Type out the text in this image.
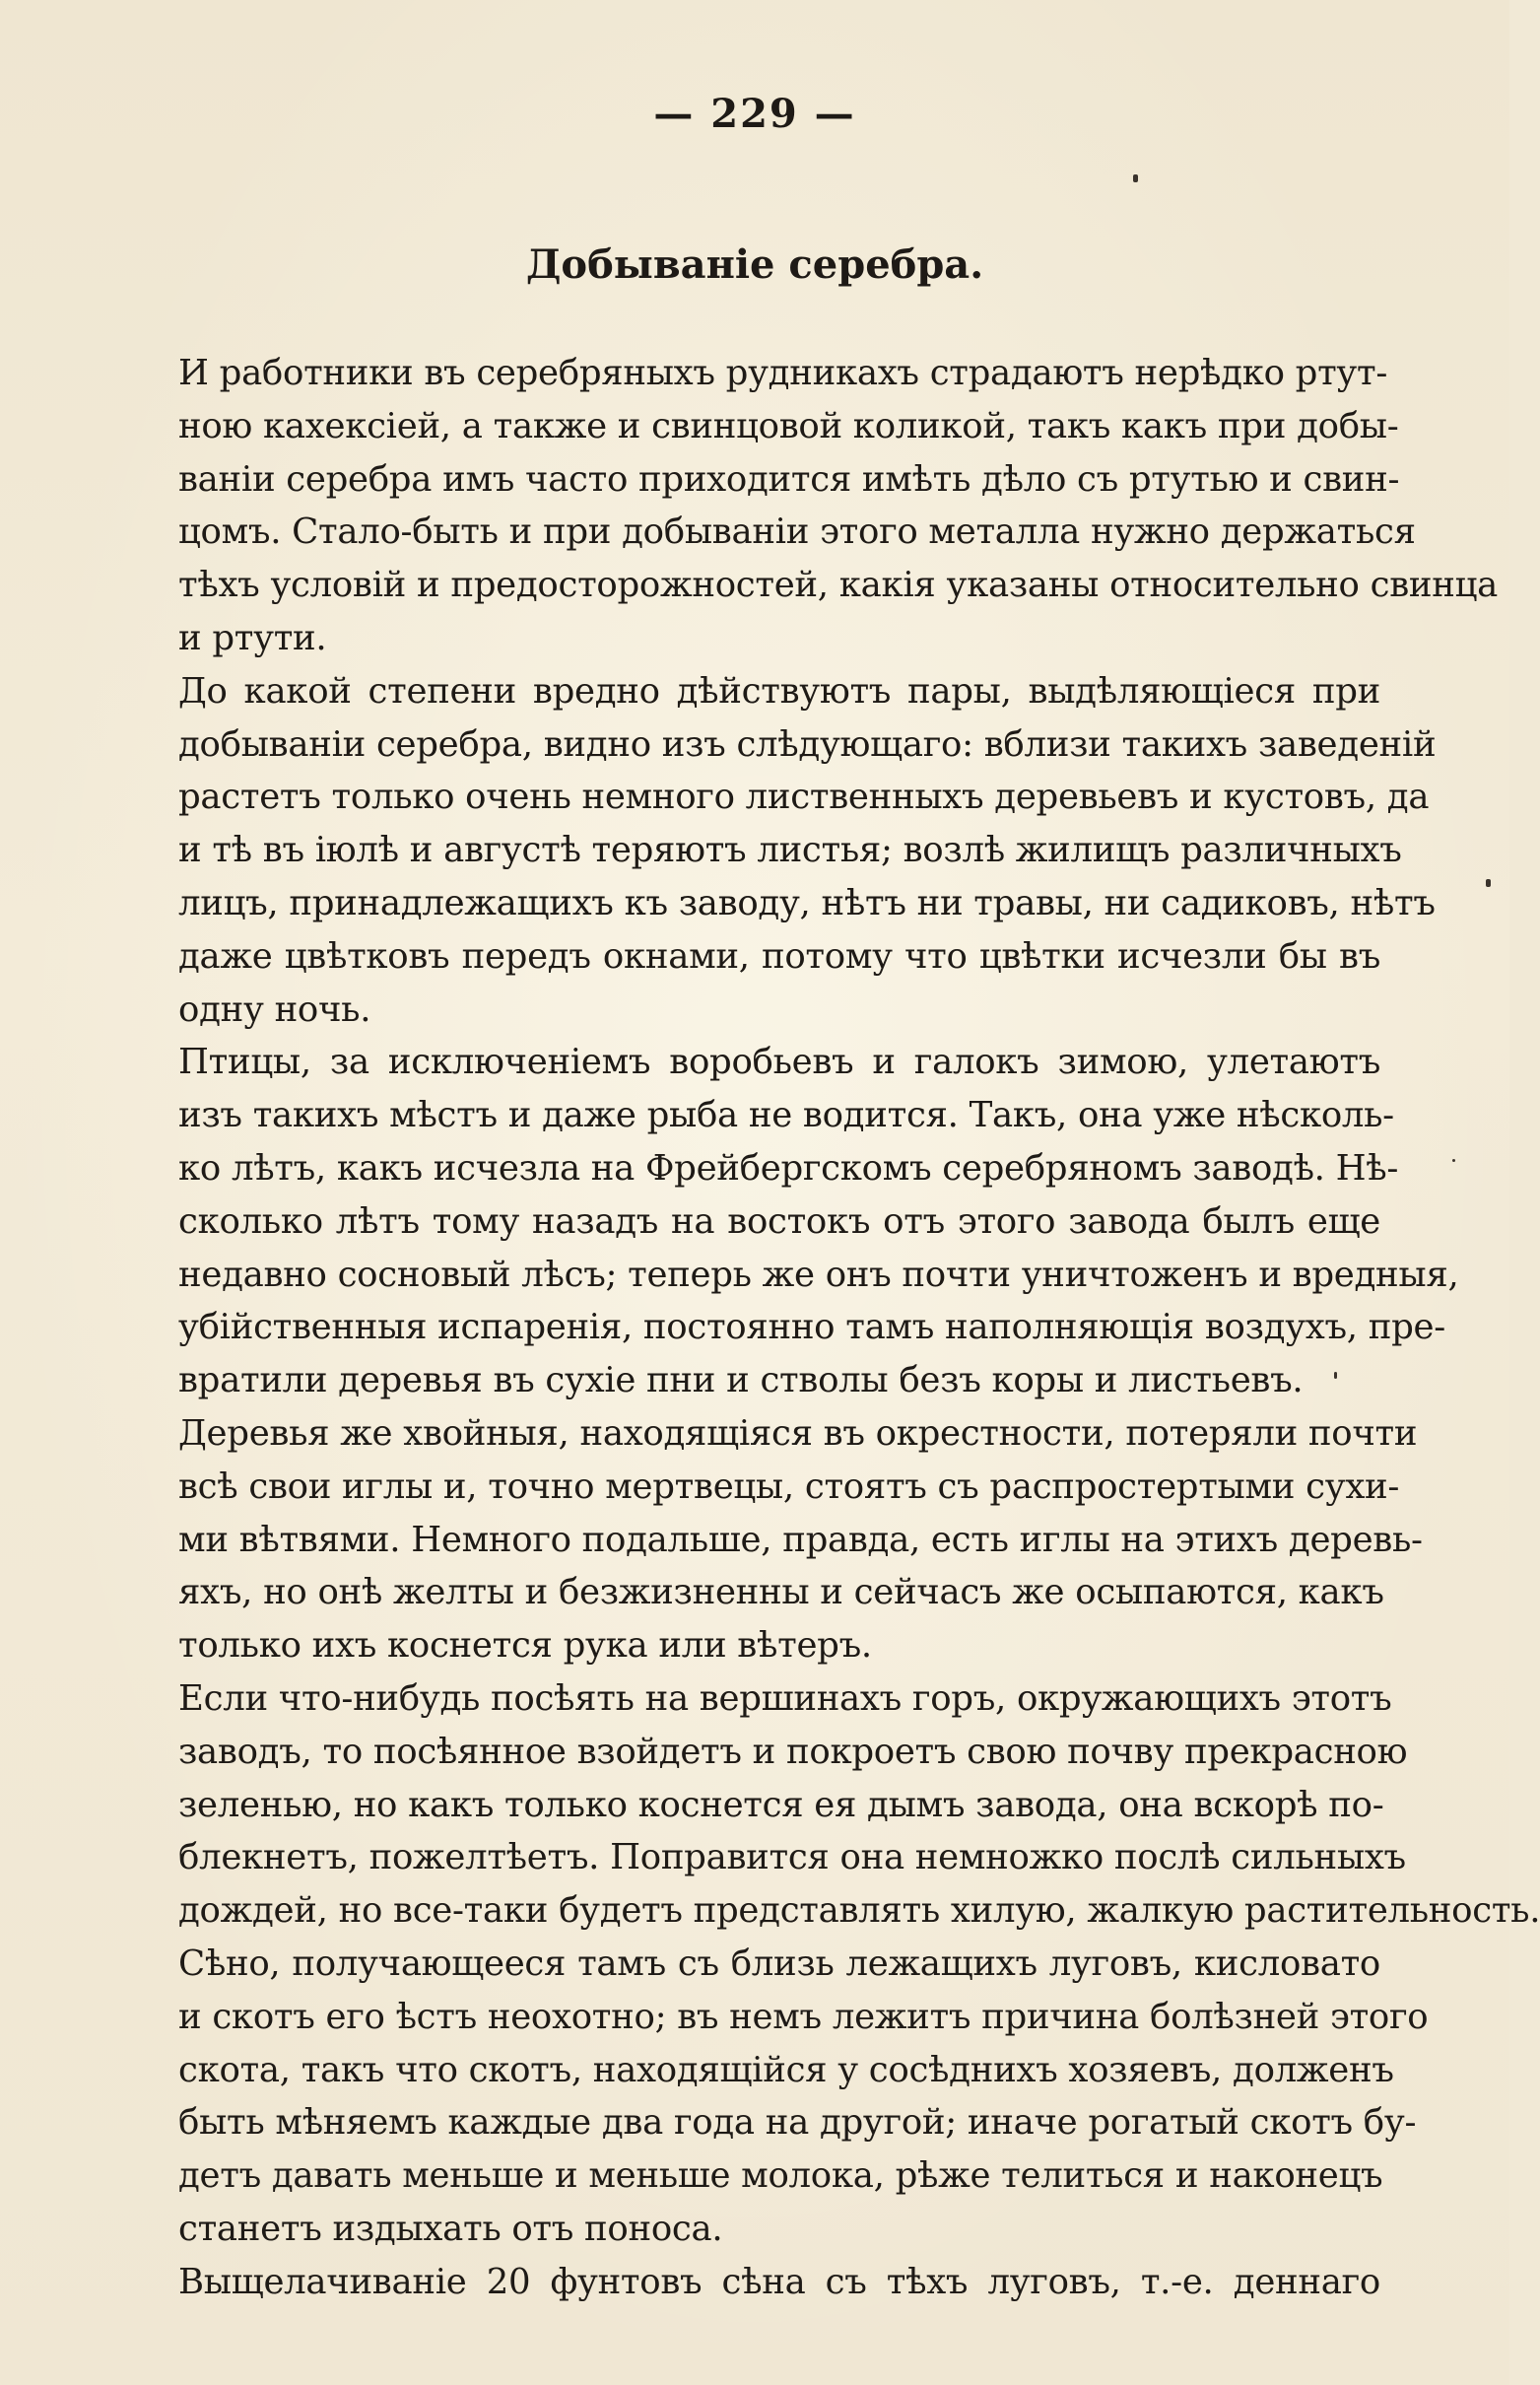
— 229 —
Добываніе серебра.
И работники въ серебряныхъ рудникахъ страдаютъ нерѣдко ртут-
ною кахексіей, а также и свинцовой коликой, такъ какъ при добы-
ваніи серебра имъ часто приходится имѣть дѣло съ ртутью и свин-
цомъ. Стало-быть и при добываніи этого металла нужно держаться
тѣхъ условій и предосторожностей, какія указаны относительно свинца
и ртути.
До какой степени вредно дѣйствуютъ пары, выдѣляющіеся при
добываніи серебра, видно изъ слѣдующаго: вблизи такихъ заведеній
растетъ только очень немного лиственныхъ деревьевъ и кустовъ, да
и тѣ въ іюлѣ и августѣ теряютъ листья; возлѣ жилищъ различныхъ
лицъ, принадлежащихъ къ заводу, нѣтъ ни травы, ни садиковъ, нѣтъ
даже цвѣтковъ передъ окнами, потому что цвѣтки исчезли бы въ
одну ночь.
Птицы, за исключеніемъ воробьевъ и галокъ зимою, улетаютъ
изъ такихъ мѣстъ и даже рыба не водится. Такъ, она уже нѣсколь-
ко лѣтъ, какъ исчезла на Фрейбергскомъ серебряномъ заводѣ. Нѣ-
сколько лѣтъ тому назадъ на востокъ отъ этого завода былъ еще
недавно сосновый лѣсъ; теперь же онъ почти уничтоженъ и вредныя,
убійственныя испаренія, постоянно тамъ наполняющія воздухъ, пре-
вратили деревья въ сухіе пни и стволы безъ коры и листьевъ.
Деревья же хвойныя, находящіяся въ окрестности, потеряли почти
всѣ свои иглы и, точно мертвецы, стоятъ съ распростертыми сухи-
ми вѣтвями. Немного подальше, правда, есть иглы на этихъ деревь-
яхъ, но онѣ желты и безжизненны и сейчасъ же осыпаются, какъ
только ихъ коснется рука или вѣтеръ.
Если что-нибудь посѣять на вершинахъ горъ, окружающихъ этотъ
заводъ, то посѣянное взойдетъ и покроетъ свою почву прекрасною
зеленью, но какъ только коснется ея дымъ завода, она вскорѣ по-
блекнетъ, пожелтѣетъ. Поправится она немножко послѣ сильныхъ
дождей, но все-таки будетъ представлять хилую, жалкую растительность.
Сѣно, получающееся тамъ съ близь лежащихъ луговъ, кисловато
и скотъ его ѣстъ неохотно; въ немъ лежитъ причина болѣзней этого
скота, такъ что скотъ, находящійся у сосѣднихъ хозяевъ, долженъ
быть мѣняемъ каждые два года на другой; иначе рогатый скотъ бу-
детъ давать меньше и меньше молока, рѣже телиться и наконецъ
станетъ издыхать отъ поноса.
Выщелачиваніе 20 фунтовъ сѣна съ тѣхъ луговъ, т.-е. деннаго
